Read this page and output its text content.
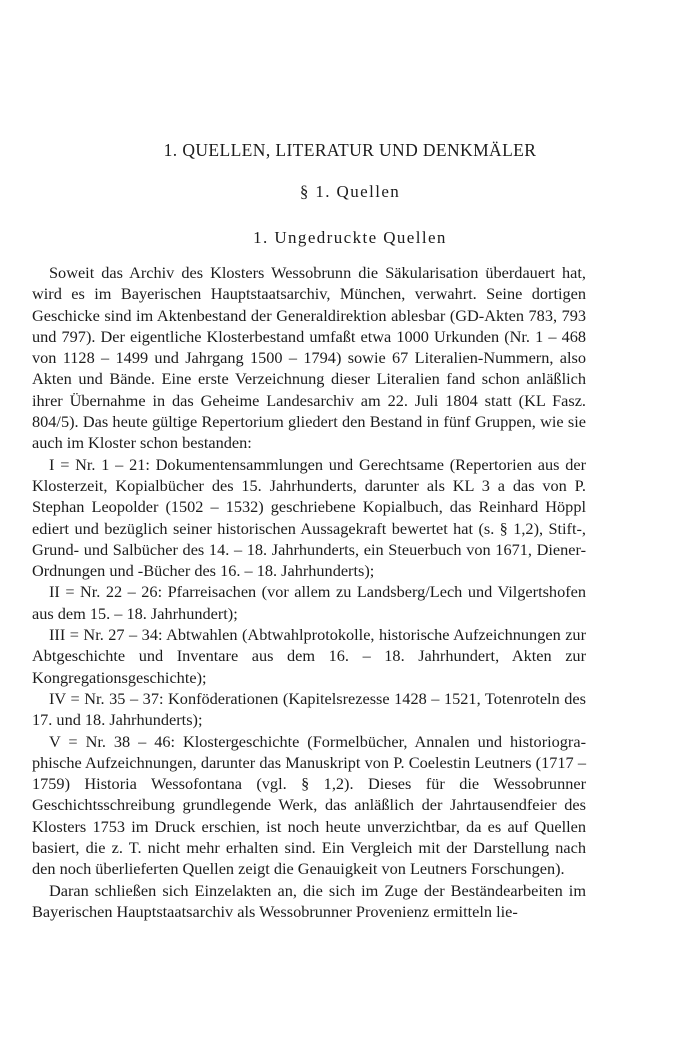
1. QUELLEN, LITERATUR UND DENKMÄLER
§ 1. Quellen
1. Ungedruckte Quellen

Soweit das Archiv des Klosters Wessobrunn die Säkularisation überdauert hat, wird es im Bayerischen Hauptstaatsarchiv, München, verwahrt. Seine dortigen Geschicke sind im Aktenbestand der Generaldirektion ablesbar (GD-Akten 783, 793 und 797). Der eigentliche Klosterbestand umfaßt etwa 1000 Urkunden (Nr. 1 – 468 von 1128 – 1499 und Jahrgang 1500 – 1794) sowie 67 Literalien-Nummern, also Akten und Bände. Eine erste Verzeichnung dieser Literalien fand schon anläßlich ihrer Übernahme in das Geheime Landesarchiv am 22. Juli 1804 statt (KL Fasz. 804/5). Das heute gültige Repertorium gliedert den Bestand in fünf Gruppen, wie sie auch im Kloster schon bestanden:

I = Nr. 1 – 21: Dokumentensammlungen und Gerechtsame (Repertorien aus der Klosterzeit, Kopialbücher des 15. Jahrhunderts, darunter als KL 3 a das von P. Stephan Leopolder (1502 – 1532) geschriebene Kopialbuch, das Reinhard Höppl ediert und bezüglich seiner historischen Aussagekraft bewertet hat (s. § 1,2), Stift-, Grund- und Salbücher des 14. – 18. Jahrhunderts, ein Steuerbuch von 1671, Diener-Ordnungen und -Bücher des 16. – 18. Jahrhunderts);

II = Nr. 22 – 26: Pfarreisachen (vor allem zu Landsberg/Lech und Vilgertshofen aus dem 15. – 18. Jahrhundert);

III = Nr. 27 – 34: Abtwahlen (Abtwahlprotokolle, historische Aufzeichnungen zur Abtgeschichte und Inventare aus dem 16. – 18. Jahrhundert, Akten zur Kongregationsgeschichte);

IV = Nr. 35 – 37: Konföderationen (Kapitelsrezesse 1428 – 1521, Totenroteln des 17. und 18. Jahrhunderts);

V = Nr. 38 – 46: Klostergeschichte (Formelbücher, Annalen und historiographische Aufzeichnungen, darunter das Manuskript von P. Coelestin Leutners (1717 – 1759) Historia Wessofontana (vgl. § 1,2). Dieses für die Wessobrunner Geschichtsschreibung grundlegende Werk, das anläßlich der Jahrtausendfeier des Klosters 1753 im Druck erschien, ist noch heute unverzichtbar, da es auf Quellen basiert, die z. T. nicht mehr erhalten sind. Ein Vergleich mit der Darstellung nach den noch überlieferten Quellen zeigt die Genauigkeit von Leutners Forschungen).

Daran schließen sich Einzelakten an, die sich im Zuge der Beständearbeiten im Bayerischen Hauptstaatsarchiv als Wessobrunner Provenienz ermitteln lie-
